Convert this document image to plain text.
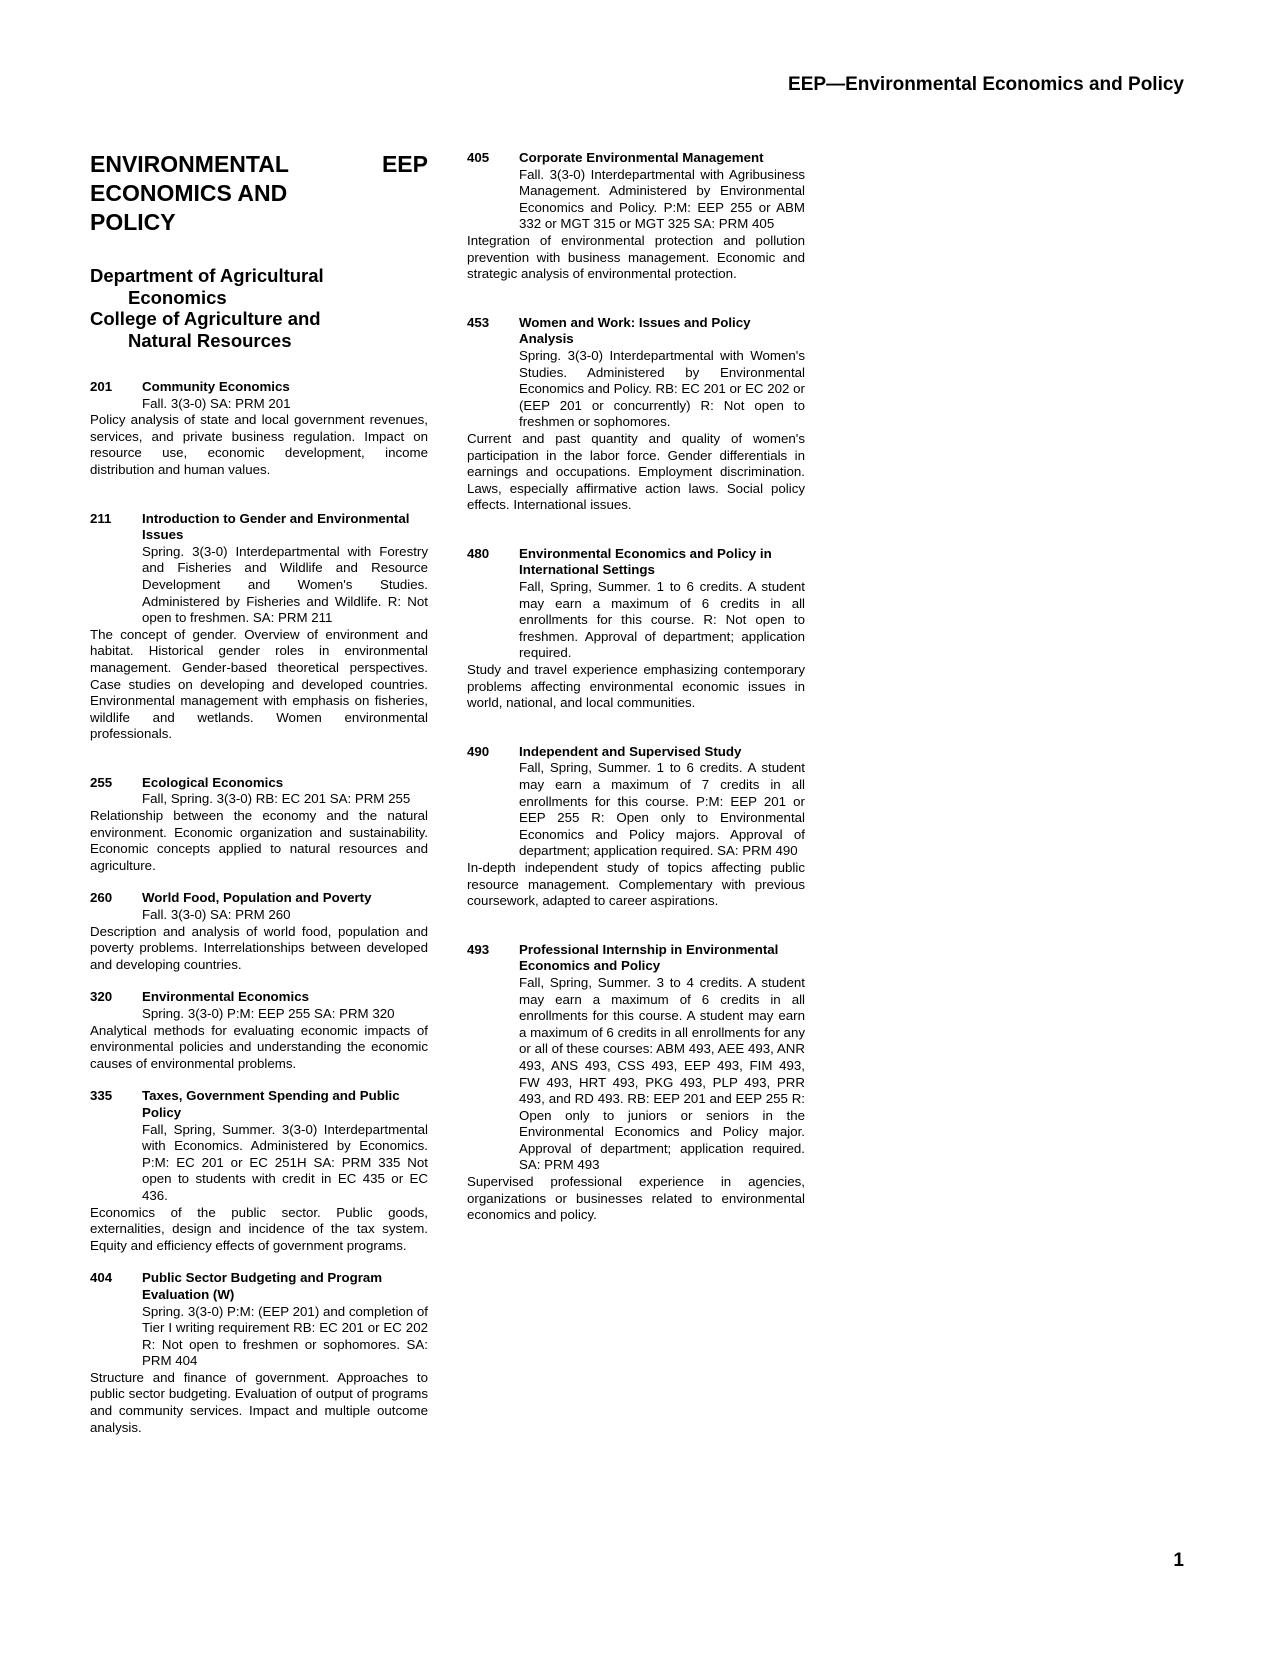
EEP—Environmental Economics and Policy
ENVIRONMENTAL ECONOMICS AND POLICY
EEP
Department of Agricultural
Economics
College of Agriculture and
Natural Resources
201	Community Economics
Fall. 3(3-0) SA: PRM 201
Policy analysis of state and local government revenues, services, and private business regulation. Impact on resource use, economic development, income distribution and human values.
211	Introduction to Gender and Environmental Issues
Spring. 3(3-0) Interdepartmental with Forestry and Fisheries and Wildlife and Resource Development and Women's Studies. Administered by Fisheries and Wildlife. R: Not open to freshmen. SA: PRM 211
The concept of gender. Overview of environment and habitat. Historical gender roles in environmental management. Gender-based theoretical perspectives. Case studies on developing and developed countries. Environmental management with emphasis on fisheries, wildlife and wetlands. Women environmental professionals.
255	Ecological Economics
Fall, Spring. 3(3-0) RB: EC 201 SA: PRM 255
Relationship between the economy and the natural environment. Economic organization and sustainability. Economic concepts applied to natural resources and agriculture.
260	World Food, Population and Poverty
Fall. 3(3-0) SA: PRM 260
Description and analysis of world food, population and poverty problems. Interrelationships between developed and developing countries.
320	Environmental Economics
Spring. 3(3-0) P:M: EEP 255 SA: PRM 320
Analytical methods for evaluating economic impacts of environmental policies and understanding the economic causes of environmental problems.
335	Taxes, Government Spending and Public Policy
Fall, Spring, Summer. 3(3-0) Interdepartmental with Economics. Administered by Economics. P:M: EC 201 or EC 251H SA: PRM 335 Not open to students with credit in EC 435 or EC 436.
Economics of the public sector. Public goods, externalities, design and incidence of the tax system. Equity and efficiency effects of government programs.
404	Public Sector Budgeting and Program Evaluation (W)
Spring. 3(3-0) P:M: (EEP 201) and completion of Tier I writing requirement RB: EC 201 or EC 202 R: Not open to freshmen or sophomores. SA: PRM 404
Structure and finance of government. Approaches to public sector budgeting. Evaluation of output of programs and community services. Impact and multiple outcome analysis.
405	Corporate Environmental Management
Fall. 3(3-0) Interdepartmental with Agribusiness Management. Administered by Environmental Economics and Policy. P:M: EEP 255 or ABM 332 or MGT 315 or MGT 325 SA: PRM 405
Integration of environmental protection and pollution prevention with business management. Economic and strategic analysis of environmental protection.
453	Women and Work: Issues and Policy Analysis
Spring. 3(3-0) Interdepartmental with Women's Studies. Administered by Environmental Economics and Policy. RB: EC 201 or EC 202 or (EEP 201 or concurrently) R: Not open to freshmen or sophomores.
Current and past quantity and quality of women's participation in the labor force. Gender differentials in earnings and occupations. Employment discrimination. Laws, especially affirmative action laws. Social policy effects. International issues.
480	Environmental Economics and Policy in International Settings
Fall, Spring, Summer. 1 to 6 credits. A student may earn a maximum of 6 credits in all enrollments for this course. R: Not open to freshmen. Approval of department; application required.
Study and travel experience emphasizing contemporary problems affecting environmental economic issues in world, national, and local communities.
490	Independent and Supervised Study
Fall, Spring, Summer. 1 to 6 credits. A student may earn a maximum of 7 credits in all enrollments for this course. P:M: EEP 201 or EEP 255 R: Open only to Environmental Economics and Policy majors. Approval of department; application required. SA: PRM 490
In-depth independent study of topics affecting public resource management. Complementary with previous coursework, adapted to career aspirations.
493	Professional Internship in Environmental Economics and Policy
Fall, Spring, Summer. 3 to 4 credits. A student may earn a maximum of 6 credits in all enrollments for this course. A student may earn a maximum of 6 credits in all enrollments for any or all of these courses: ABM 493, AEE 493, ANR 493, ANS 493, CSS 493, EEP 493, FIM 493, FW 493, HRT 493, PKG 493, PLP 493, PRR 493, and RD 493. RB: EEP 201 and EEP 255 R: Open only to juniors or seniors in the Environmental Economics and Policy major. Approval of department; application required. SA: PRM 493
Supervised professional experience in agencies, organizations or businesses related to environmental economics and policy.
1
